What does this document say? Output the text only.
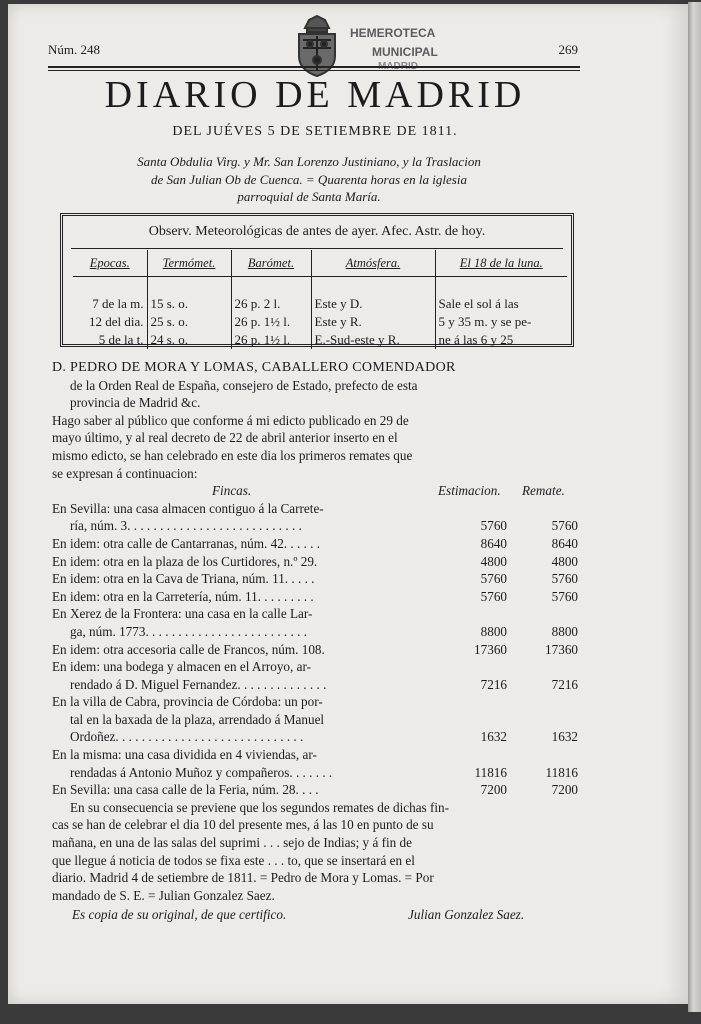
Núm. 248	269
HEMEROTECA
MUNICIPAL
MADRID
DIARIO DE MADRID
DEL JUÉVES 5 DE SETIEMBRE DE 1811.
Santa Obdulia Virg. y Mr. San Lorenzo Justiniano, y la Traslacion
de San Julian Ob de Cuenca. = Quarenta horas en la iglesia
parroquial de Santa María.
Observ. Meteorológicas de antes de ayer. Afec. Astr. de hoy.
Epocas.	Termómet.	Barómet.	Atmósfera.	El 18 de la luna.

7 de la m.	15 s. o.	26 p. 2 l.	Este y D.	Sale el sol á las
12 del dia.	25 s. o.	26 p. 1½ l.	Este y R.	5 y 35 m. y se pe-
5 de la t.	24 s. o.	26 p. 1½ l.	E.-Sud-este y R.	ne á las 6 y 25
D. PEDRO DE MORA Y LOMAS, CABALLERO COMENDADOR
de la Orden Real de España, consejero de Estado, prefecto de esta
provincia de Madrid &c.
Hago saber al público que conforme á mi edicto publicado en 29 de
mayo último, y al real decreto de 22 de abril anterior inserto en el
mismo edicto, se han celebrado en este dia los primeros remates que
se expresan á continuacion:
Fincas.	Estimacion. Remate.
En Sevilla: una casa almacen contiguo á la Carrete-
ría, núm. 3. . . . . . . . . . . . . . . . . . . . . . . . . . .	5760	5760
En idem: otra calle de Cantarranas, núm. 42. . . . . .	8640	8640
En idem: otra en la plaza de los Curtidores, n.º 29.	4800	4800
En idem: otra en la Cava de Triana, núm. 11. . . . .	5760	5760
En idem: otra en la Carretería, núm. 11. . . . . . . . .	5760	5760
En Xerez de la Frontera: una casa en la calle Lar-
ga, núm. 1773. . . . . . . . . . . . . . . . . . . . . . . . .	8800	8800
En idem: otra accesoria calle de Francos, núm. 108.	17360	17360
En idem: una bodega y almacen en el Arroyo, ar-
rendado á D. Miguel Fernandez. . . . . . . . . . . . . .	7216	7216
En la villa de Cabra, provincia de Córdoba: un por-
tal en la baxada de la plaza, arrendado á Manuel
Ordoñez. . . . . . . . . . . . . . . . . . . . . . . . . . . . .	1632	1632
En la misma: una casa dividida en 4 viviendas, ar-
rendadas á Antonio Muñoz y compañeros. . . . . . .	11816	11816
En Sevilla: una casa calle de la Feria, núm. 28. . . .	7200	7200
En su consecuencia se previene que los segundos remates de dichas fin-
cas se han de celebrar el dia 10 del presente mes, á las 10 en punto de su
mañana, en una de las salas del suprimi . . . sejo de Indias; y á fin de
que llegue á noticia de todos se fixa este . . . to, que se insertará en el
diario. Madrid 4 de setiembre de 1811. = Pedro de Mora y Lomas. = Por
mandado de S. E. = Julian Gonzalez Saez.
Es copia de su original, de que certifico.	Julian Gonzalez Saez.
